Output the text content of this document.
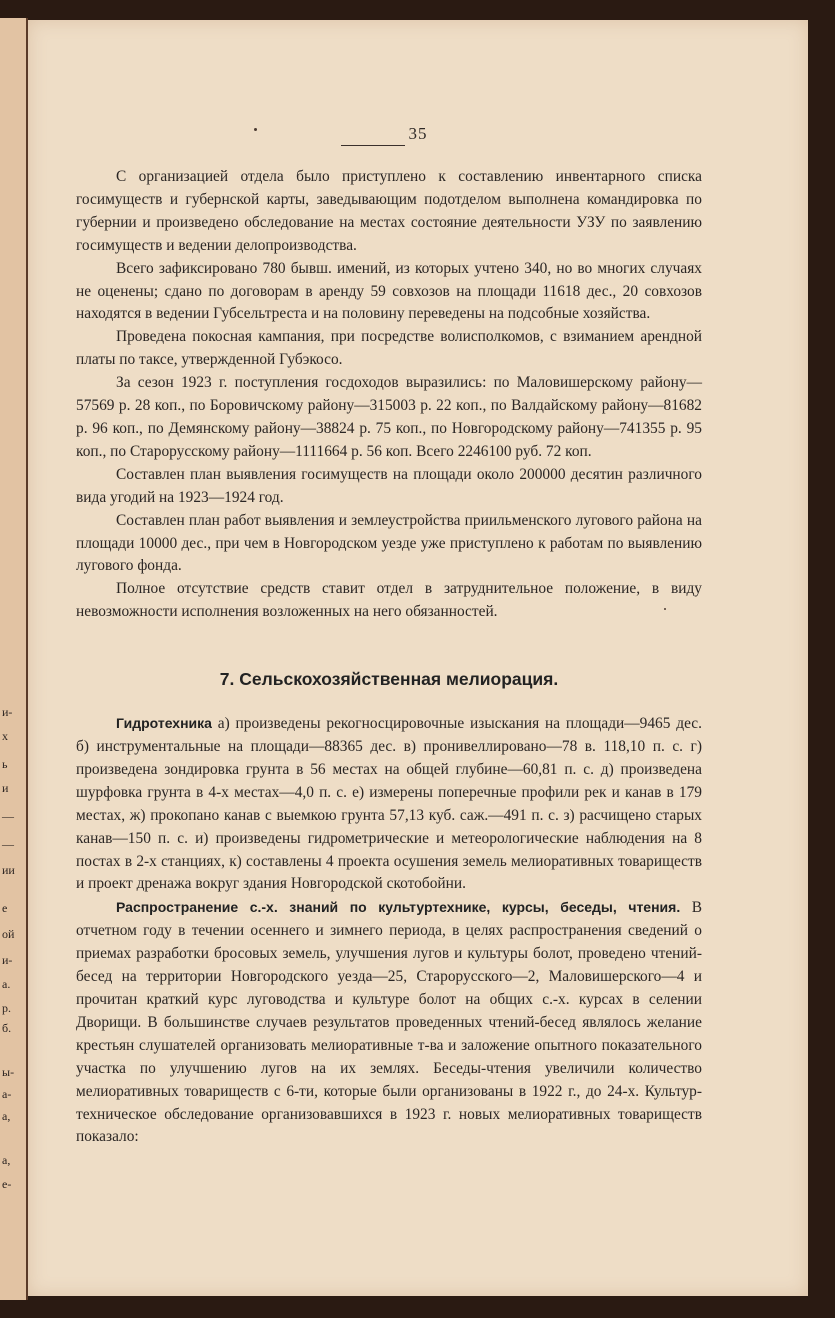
и-
х
ь
и
—
—
ии
е
ой
и-
а.
р.
б.
ы-
а-
а,
а,
е-
35

С организацией отдела было приступлено к составлению инвентарного списка госимуществ и губернской карты, заведывающим подотделом выполнена командировка по губернии и произведено обследование на местах состояние деятельности УЗУ по заявлению госимуществ и ведении делопроизводства.

Всего зафиксировано 780 бывш. имений, из которых учтено 340, но во многих случаях не оценены; сдано по договорам в аренду 59 совхозов на площади 11618 дес., 20 совхозов находятся в ведении Губсельтреста и на половину переведены на подсобные хозяйства.

Проведена покосная кампания, при посредстве волисполкомов, с взиманием арендной платы по таксе, утвержденной Губэкосо.

За сезон 1923 г. поступления госдоходов выразились: по Маловишерскому району—57569 р. 28 коп., по Боровичскому району—315003 р. 22 коп., по Валдайскому району—81682 р. 96 коп., по Демянскому району—38824 р. 75 коп., по Новгородскому району—741355 р. 95 коп., по Старорусскому району—1111664 р. 56 коп. Всего 2246100 руб. 72 коп.

Составлен план выявления госимуществ на площади около 200000 десятин различного вида угодий на 1923—1924 год.

Составлен план работ выявления и землеустройства приильменского лугового района на площади 10000 дес., при чем в Новгородском уезде уже приступлено к работам по выявлению лугового фонда.

Полное отсутствие средств ставит отдел в затруднительное положение, в виду невозможности исполнения возложенных на него обязанностей.

7. Сельскохозяйственная мелиорация.

Гидротехника а) произведены рекогносцировочные изыскания на площади—9465 дес. б) инструментальные на площади—88365 дес. в) пронивеллировано—78 в. 118,10 п. с. г) произведена зондировка грунта в 56 местах на общей глубине—60,81 п. с. д) произведена шурфовка грунта в 4-х местах—4,0 п. с. е) измерены поперечные профили рек и канав в 179 местах, ж) прокопано канав с выемкою грунта 57,13 куб. саж.—491 п. с. з) расчищено старых канав—150 п. с. и) произведены гидрометрические и метеорологические наблюдения на 8 постах в 2-х станциях, к) составлены 4 проекта осушения земель мелиоративных товариществ и проект дренажа вокруг здания Новгородской скотобойни.

Распространение с.-х. знаний по культуртехнике, курсы, беседы, чтения. В отчетном году в течении осеннего и зимнего периода, в целях распространения сведений о приемах разработки бросовых земель, улучшения лугов и культуры болот, проведено чтений-бесед на территории Новгородского уезда—25, Старорусского—2, Маловишерского—4 и прочитан краткий курс луговодства и культуре болот на общих с.-х. курсах в селении Дворищи. В большинстве случаев результатов проведенных чтений-бесед являлось желание крестьян слушателей организовать мелиоративные т-ва и заложение опытного показательного участка по улучшению лугов на их землях. Беседы-чтения увеличили количество мелиоративных товариществ с 6-ти, которые были организованы в 1922 г., до 24-х. Культур-техническое обследование организовавшихся в 1923 г. новых мелиоративных товариществ показало:
